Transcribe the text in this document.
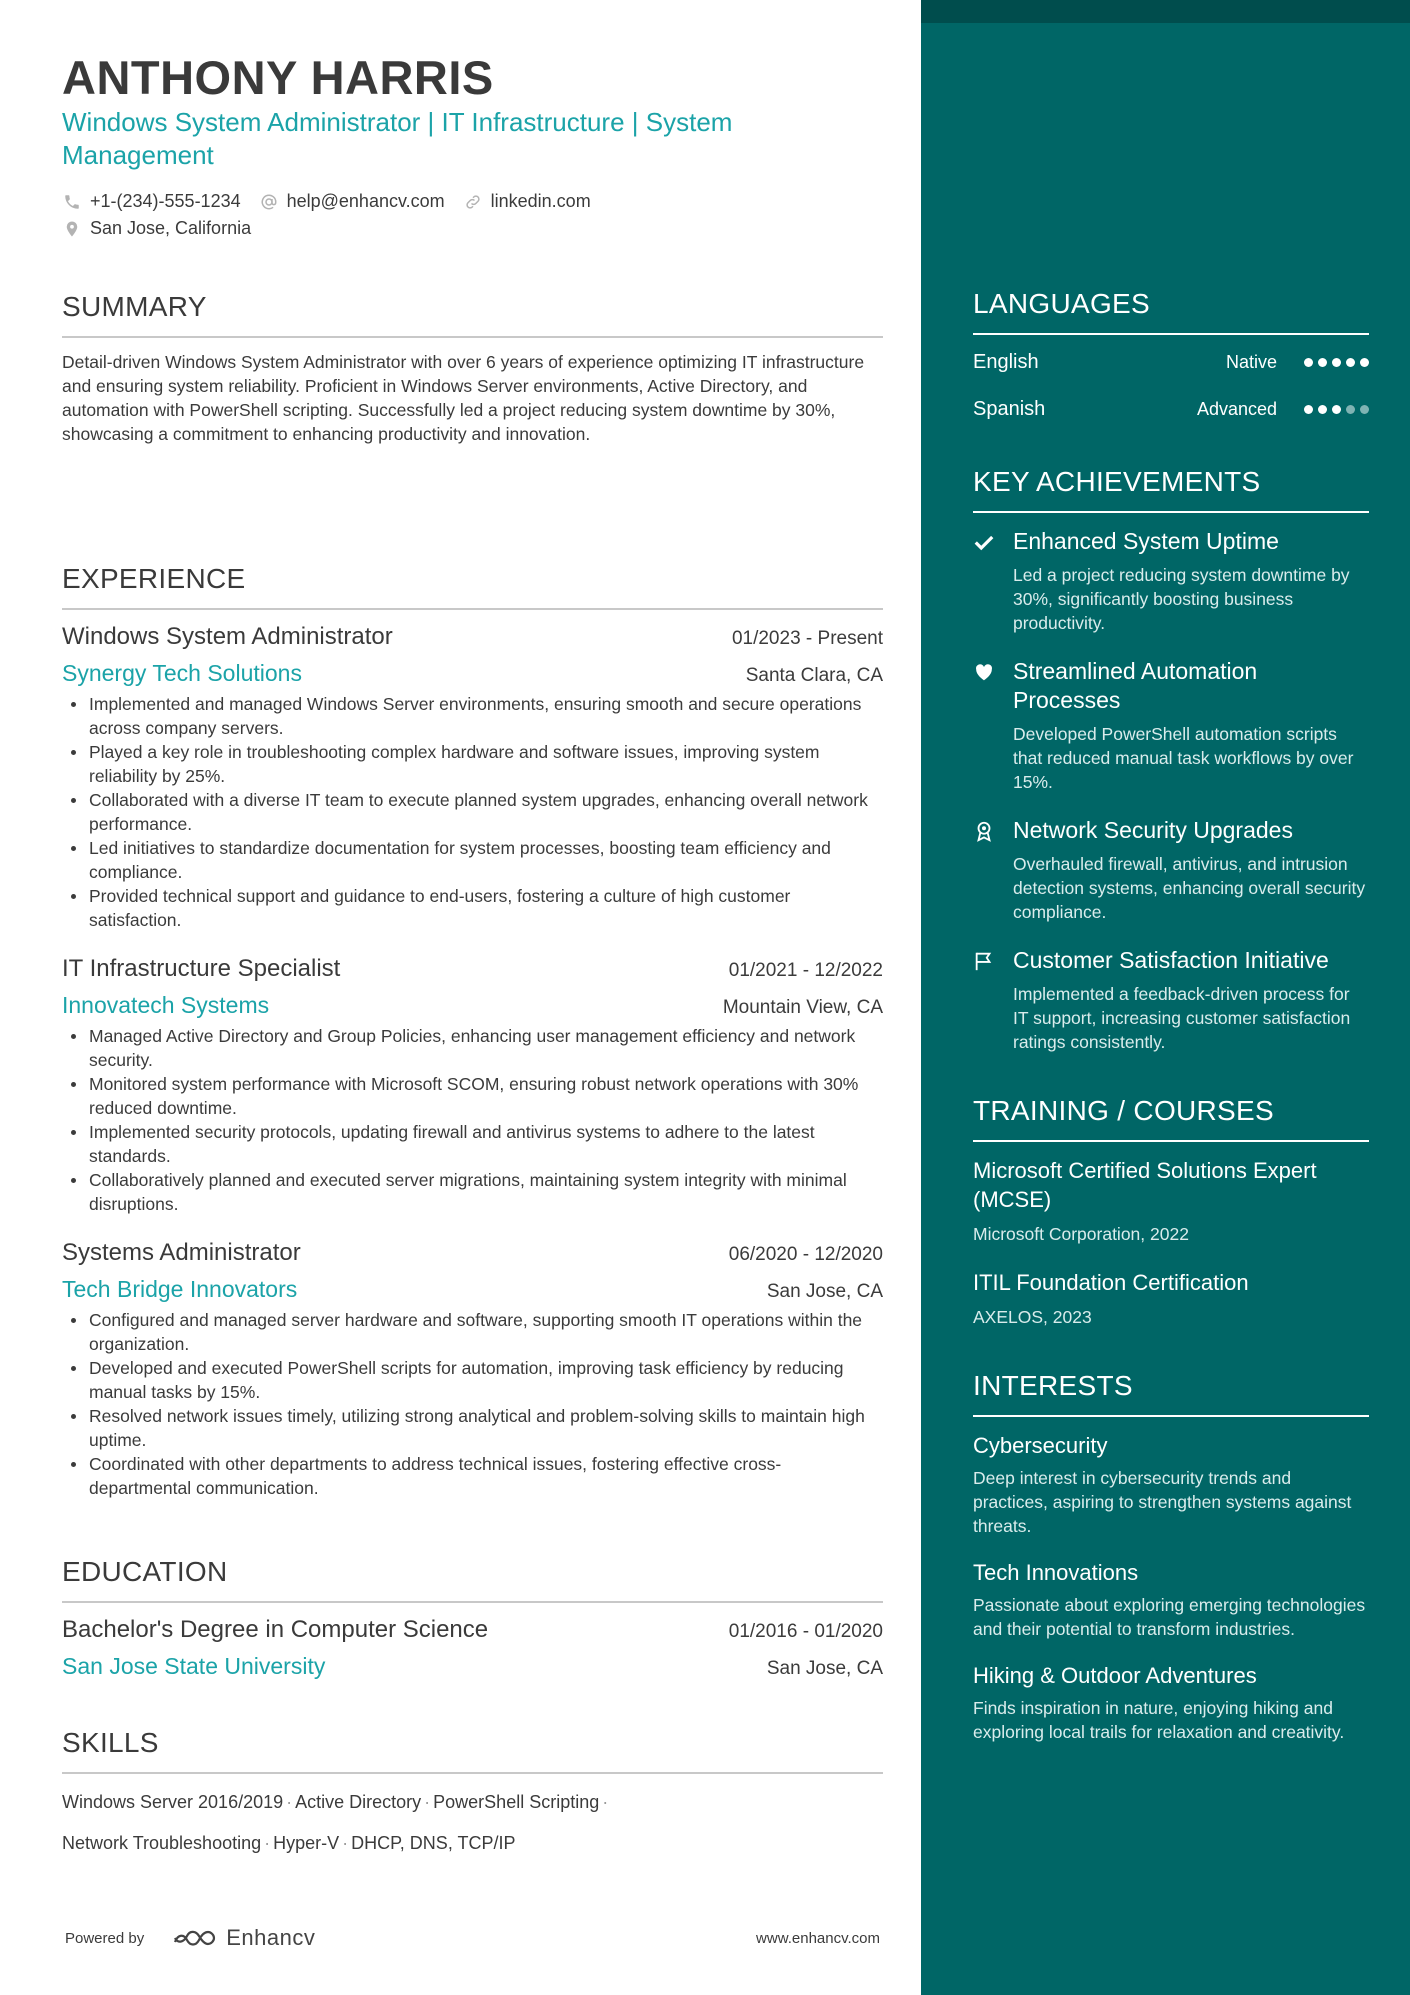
ANTHONY HARRIS
Windows System Administrator | IT Infrastructure | System Management
+1-(234)-555-1234	help@enhancv.com	linkedin.com
San Jose, California
SUMMARY
Detail-driven Windows System Administrator with over 6 years of experience optimizing IT infrastructure and ensuring system reliability. Proficient in Windows Server environments, Active Directory, and automation with PowerShell scripting. Successfully led a project reducing system downtime by 30%, showcasing a commitment to enhancing productivity and innovation.
EXPERIENCE
Windows System Administrator	01/2023 - Present
Synergy Tech Solutions	Santa Clara, CA
Implemented and managed Windows Server environments, ensuring smooth and secure operations across company servers.
Played a key role in troubleshooting complex hardware and software issues, improving system reliability by 25%.
Collaborated with a diverse IT team to execute planned system upgrades, enhancing overall network performance.
Led initiatives to standardize documentation for system processes, boosting team efficiency and compliance.
Provided technical support and guidance to end-users, fostering a culture of high customer satisfaction.
IT Infrastructure Specialist	01/2021 - 12/2022
Innovatech Systems	Mountain View, CA
Managed Active Directory and Group Policies, enhancing user management efficiency and network security.
Monitored system performance with Microsoft SCOM, ensuring robust network operations with 30% reduced downtime.
Implemented security protocols, updating firewall and antivirus systems to adhere to the latest standards.
Collaboratively planned and executed server migrations, maintaining system integrity with minimal disruptions.
Systems Administrator	06/2020 - 12/2020
Tech Bridge Innovators	San Jose, CA
Configured and managed server hardware and software, supporting smooth IT operations within the organization.
Developed and executed PowerShell scripts for automation, improving task efficiency by reducing manual tasks by 15%.
Resolved network issues timely, utilizing strong analytical and problem-solving skills to maintain high uptime.
Coordinated with other departments to address technical issues, fostering effective cross-departmental communication.
EDUCATION
Bachelor's Degree in Computer Science	01/2016 - 01/2020
San Jose State University	San Jose, CA
SKILLS
Windows Server 2016/2019 · Active Directory · PowerShell Scripting ·
Network Troubleshooting · Hyper-V · DHCP, DNS, TCP/IP
Powered by	Enhancv	www.enhancv.com
LANGUAGES
English	Native
Spanish	Advanced
KEY ACHIEVEMENTS
Enhanced System Uptime
Led a project reducing system downtime by 30%, significantly boosting business productivity.
Streamlined Automation Processes
Developed PowerShell automation scripts that reduced manual task workflows by over 15%.
Network Security Upgrades
Overhauled firewall, antivirus, and intrusion detection systems, enhancing overall security compliance.
Customer Satisfaction Initiative
Implemented a feedback-driven process for IT support, increasing customer satisfaction ratings consistently.
TRAINING / COURSES
Microsoft Certified Solutions Expert (MCSE)
Microsoft Corporation, 2022
ITIL Foundation Certification
AXELOS, 2023
INTERESTS
Cybersecurity
Deep interest in cybersecurity trends and practices, aspiring to strengthen systems against threats.
Tech Innovations
Passionate about exploring emerging technologies and their potential to transform industries.
Hiking & Outdoor Adventures
Finds inspiration in nature, enjoying hiking and exploring local trails for relaxation and creativity.
